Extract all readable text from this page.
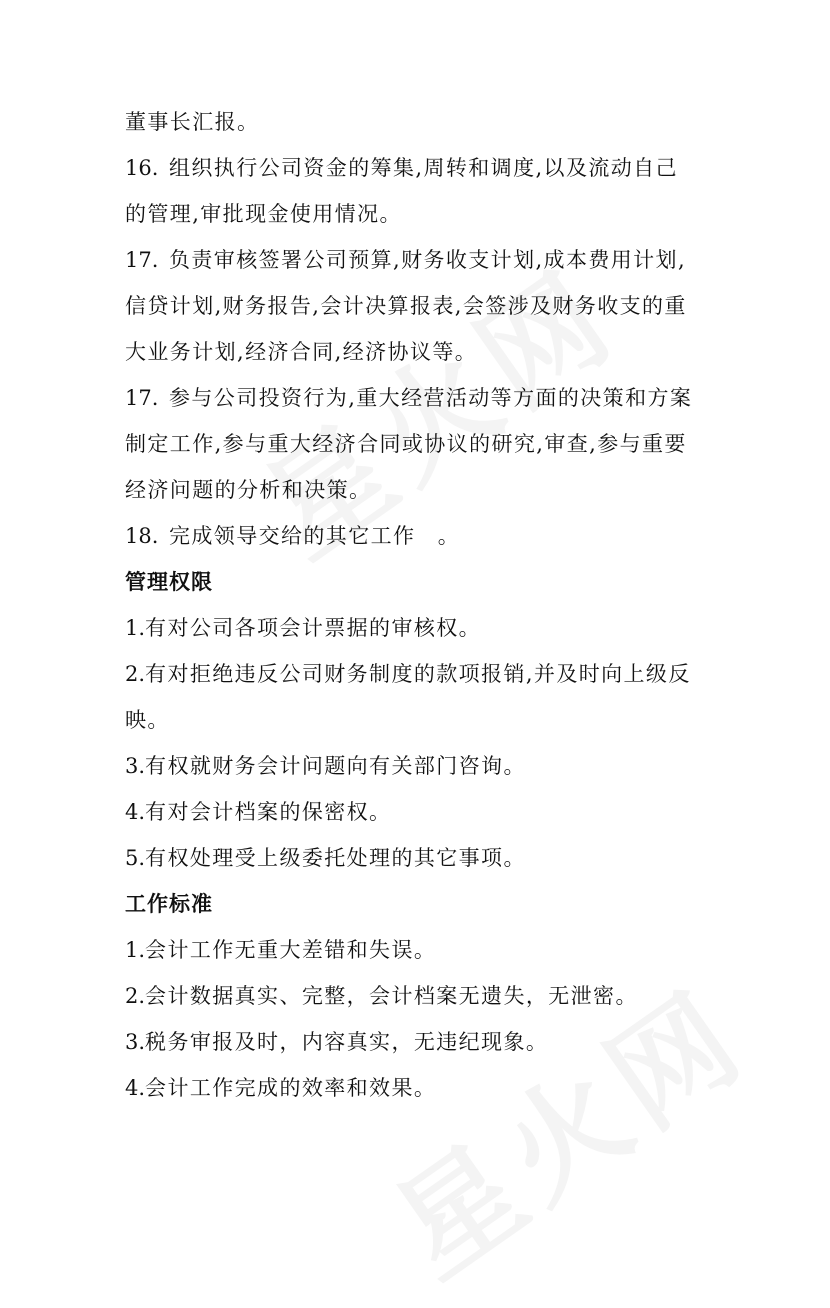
董事长汇报。
16. 组织执行公司资金的筹集,周转和调度,以及流动自己
的管理,审批现金使用情况。
17. 负责审核签署公司预算,财务收支计划,成本费用计划,
信贷计划,财务报告,会计决算报表,会签涉及财务收支的重
大业务计划,经济合同,经济协议等。
17. 参与公司投资行为,重大经营活动等方面的决策和方案
制定工作,参与重大经济合同或协议的研究,审查,参与重要
经济问题的分析和决策。
18. 完成领导交给的其它工作　。
管理权限
1.有对公司各项会计票据的审核权。
2.有对拒绝违反公司财务制度的款项报销,并及时向上级反
映。
3.有权就财务会计问题向有关部门咨询。
4.有对会计档案的保密权。
5.有权处理受上级委托处理的其它事项。
工作标准
1.会计工作无重大差错和失误。
2.会计数据真实、完整，会计档案无遗失，无泄密。
3.税务审报及时，内容真实，无违纪现象。
4.会计工作完成的效率和效果。
